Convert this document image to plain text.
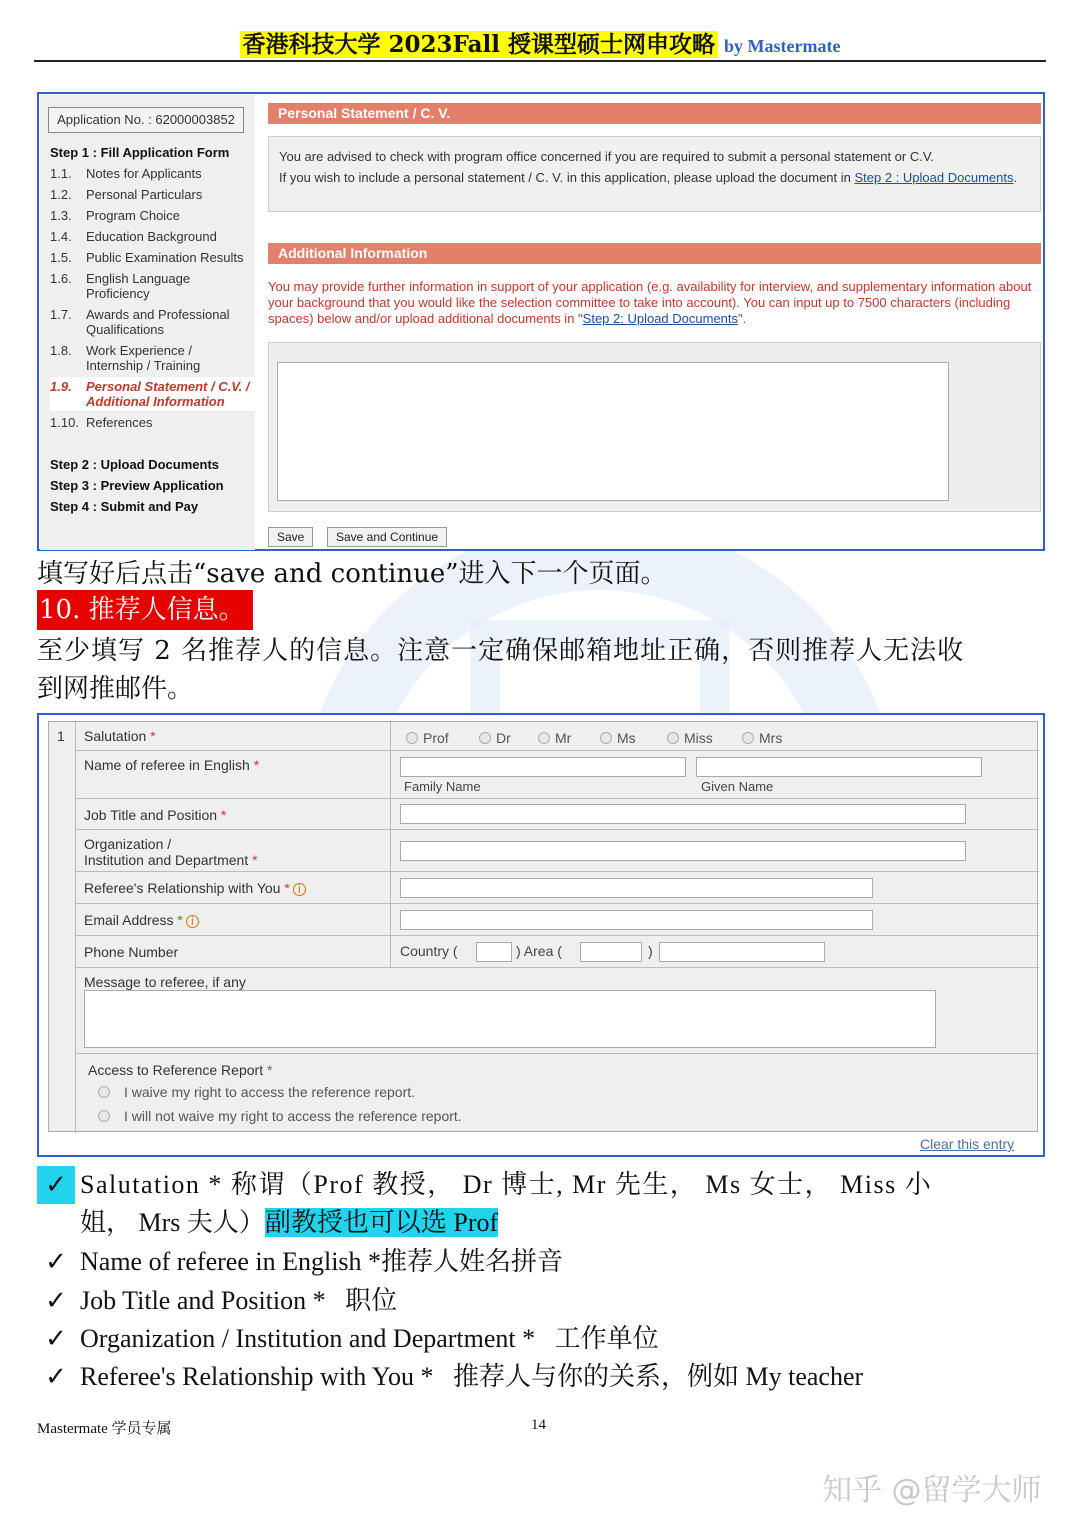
香港科技大学 2023Fall 授课型硕士网申攻略 by Mastermate
Application No. : 62000003852
Step 1 : Fill Application Form
1.1.	Notes for Applicants
1.2.	Personal Particulars
1.3.	Program Choice
1.4.	Education Background
1.5.	Public Examination Results
1.6.	English Language Proficiency
1.7.	Awards and Professional Qualifications
1.8.	Work Experience / Internship / Training
1.9.	Personal Statement / C.V. / Additional Information
1.10. References
Step 2 : Upload Documents
Step 3 : Preview Application
Step 4 : Submit and Pay
Personal Statement / C. V.
You are advised to check with program office concerned if you are required to submit a personal statement or C.V.
If you wish to include a personal statement / C. V. in this application, please upload the document in Step 2 : Upload Documents.
Additional Information
You may provide further information in support of your application (e.g. availability for interview, and supplementary information about your background that you would like the selection committee to take into account). You can input up to 7500 characters (including spaces) below and/or upload additional documents in "Step 2: Upload Documents".
Save	Save and Continue
填写好后点击“save and continue”进入下一个页面。
10. 推荐人信息。
至少填写 2 名推荐人的信息。注意一定确保邮箱地址正确，否则推荐人无法收
到网推邮件。
1 Salutation *	Prof	Dr	Mr	Ms	Miss	Mrs
Name of referee in English *
Family Name	Given Name
Job Title and Position *
Organization /
Institution and Department *
Referee's Relationship with You * i
Email Address * i
Phone Number	Country (	) Area (	)
Message to referee, if any
Access to Reference Report *
I waive my right to access the reference report.
I will not waive my right to access the reference report.
Clear this entry
✓ Salutation * 称谓（Prof 教授， Dr 博士, Mr 先生， Ms 女士， Miss 小
姐， Mrs 夫人）副教授也可以选 Prof
✓ Name of referee in English *推荐人姓名拼音
✓ Job Title and Position *   职位
✓ Organization / Institution and Department *   工作单位
✓ Referee's Relationship with You *   推荐人与你的关系，例如 My teacher
Mastermate 学员专属	14
知乎 @留学大师
